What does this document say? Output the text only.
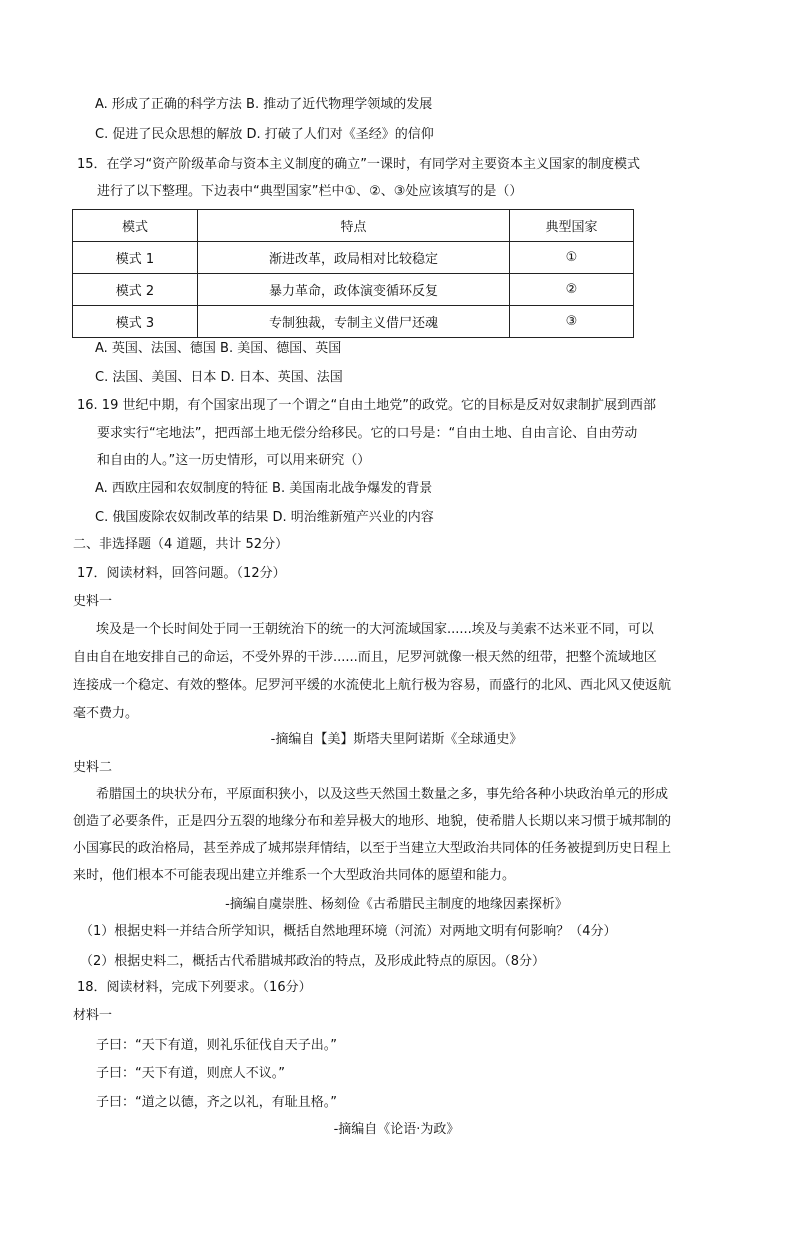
A. 形成了正确的科学方法 B. 推动了近代物理学领域的发展
C. 促进了民众思想的解放 D. 打破了人们对《圣经》的信仰
15．在学习“资产阶级革命与资本主义制度的确立”一课时，有同学对主要资本主义国家的制度模式
进行了以下整理。下边表中“典型国家”栏中①、②、③处应该填写的是（）
模式	特点	典型国家
模式 1	渐进改革，政局相对比较稳定	①
模式 2	暴力革命，政体演变循环反复	②
模式 3	专制独裁，专制主义借尸还魂	③
A. 英国、法国、德国 B. 美国、德国、英国
C. 法国、美国、日本 D. 日本、英国、法国
16. 19 世纪中期，有个国家出现了一个谓之“自由土地党”的政党。它的目标是反对奴隶制扩展到西部
要求实行“宅地法”，把西部土地无偿分给移民。它的口号是：“自由土地、自由言论、自由劳动
和自由的人。”这一历史情形，可以用来研究（）
A. 西欧庄园和农奴制度的特征 B. 美国南北战争爆发的背景
C. 俄国废除农奴制改革的结果 D. 明治维新殖产兴业的内容
二、非选择题（4 道题，共计 52分）
17．阅读材料，回答问题。（12分）
史料一
埃及是一个长时间处于同一王朝统治下的统一的大河流域国家......埃及与美索不达米亚不同，可以
自由自在地安排自己的命运，不受外界的干涉......而且，尼罗河就像一根天然的纽带，把整个流域地区
连接成一个稳定、有效的整体。尼罗河平缓的水流使北上航行极为容易，而盛行的北风、西北风又使返航
毫不费力。
-摘编自【美】斯塔夫里阿诺斯《全球通史》
史料二
希腊国土的块状分布，平原面积狭小，以及这些天然国土数量之多，事先给各种小块政治单元的形成
创造了必要条件，正是四分五裂的地缘分布和差异极大的地形、地貌，使希腊人长期以来习惯于城邦制的
小国寡民的政治格局，甚至养成了城邦崇拜情结，以至于当建立大型政治共同体的任务被提到历史日程上
来时，他们根本不可能表现出建立并维系一个大型政治共同体的愿望和能力。
-摘编自虞崇胜、杨刻俭《古希腊民主制度的地缘因素探析》
（1）根据史料一并结合所学知识，概括自然地理环境（河流）对两地文明有何影响？（4分）
（2）根据史料二，概括古代希腊城邦政治的特点，及形成此特点的原因。（8分）
18．阅读材料，完成下列要求。（16分）
材料一
子曰：“天下有道，则礼乐征伐自天子出。”
子曰：“天下有道，则庶人不议。”
子曰：“道之以德，齐之以礼，有耻且格。”
-摘编自《论语·为政》
